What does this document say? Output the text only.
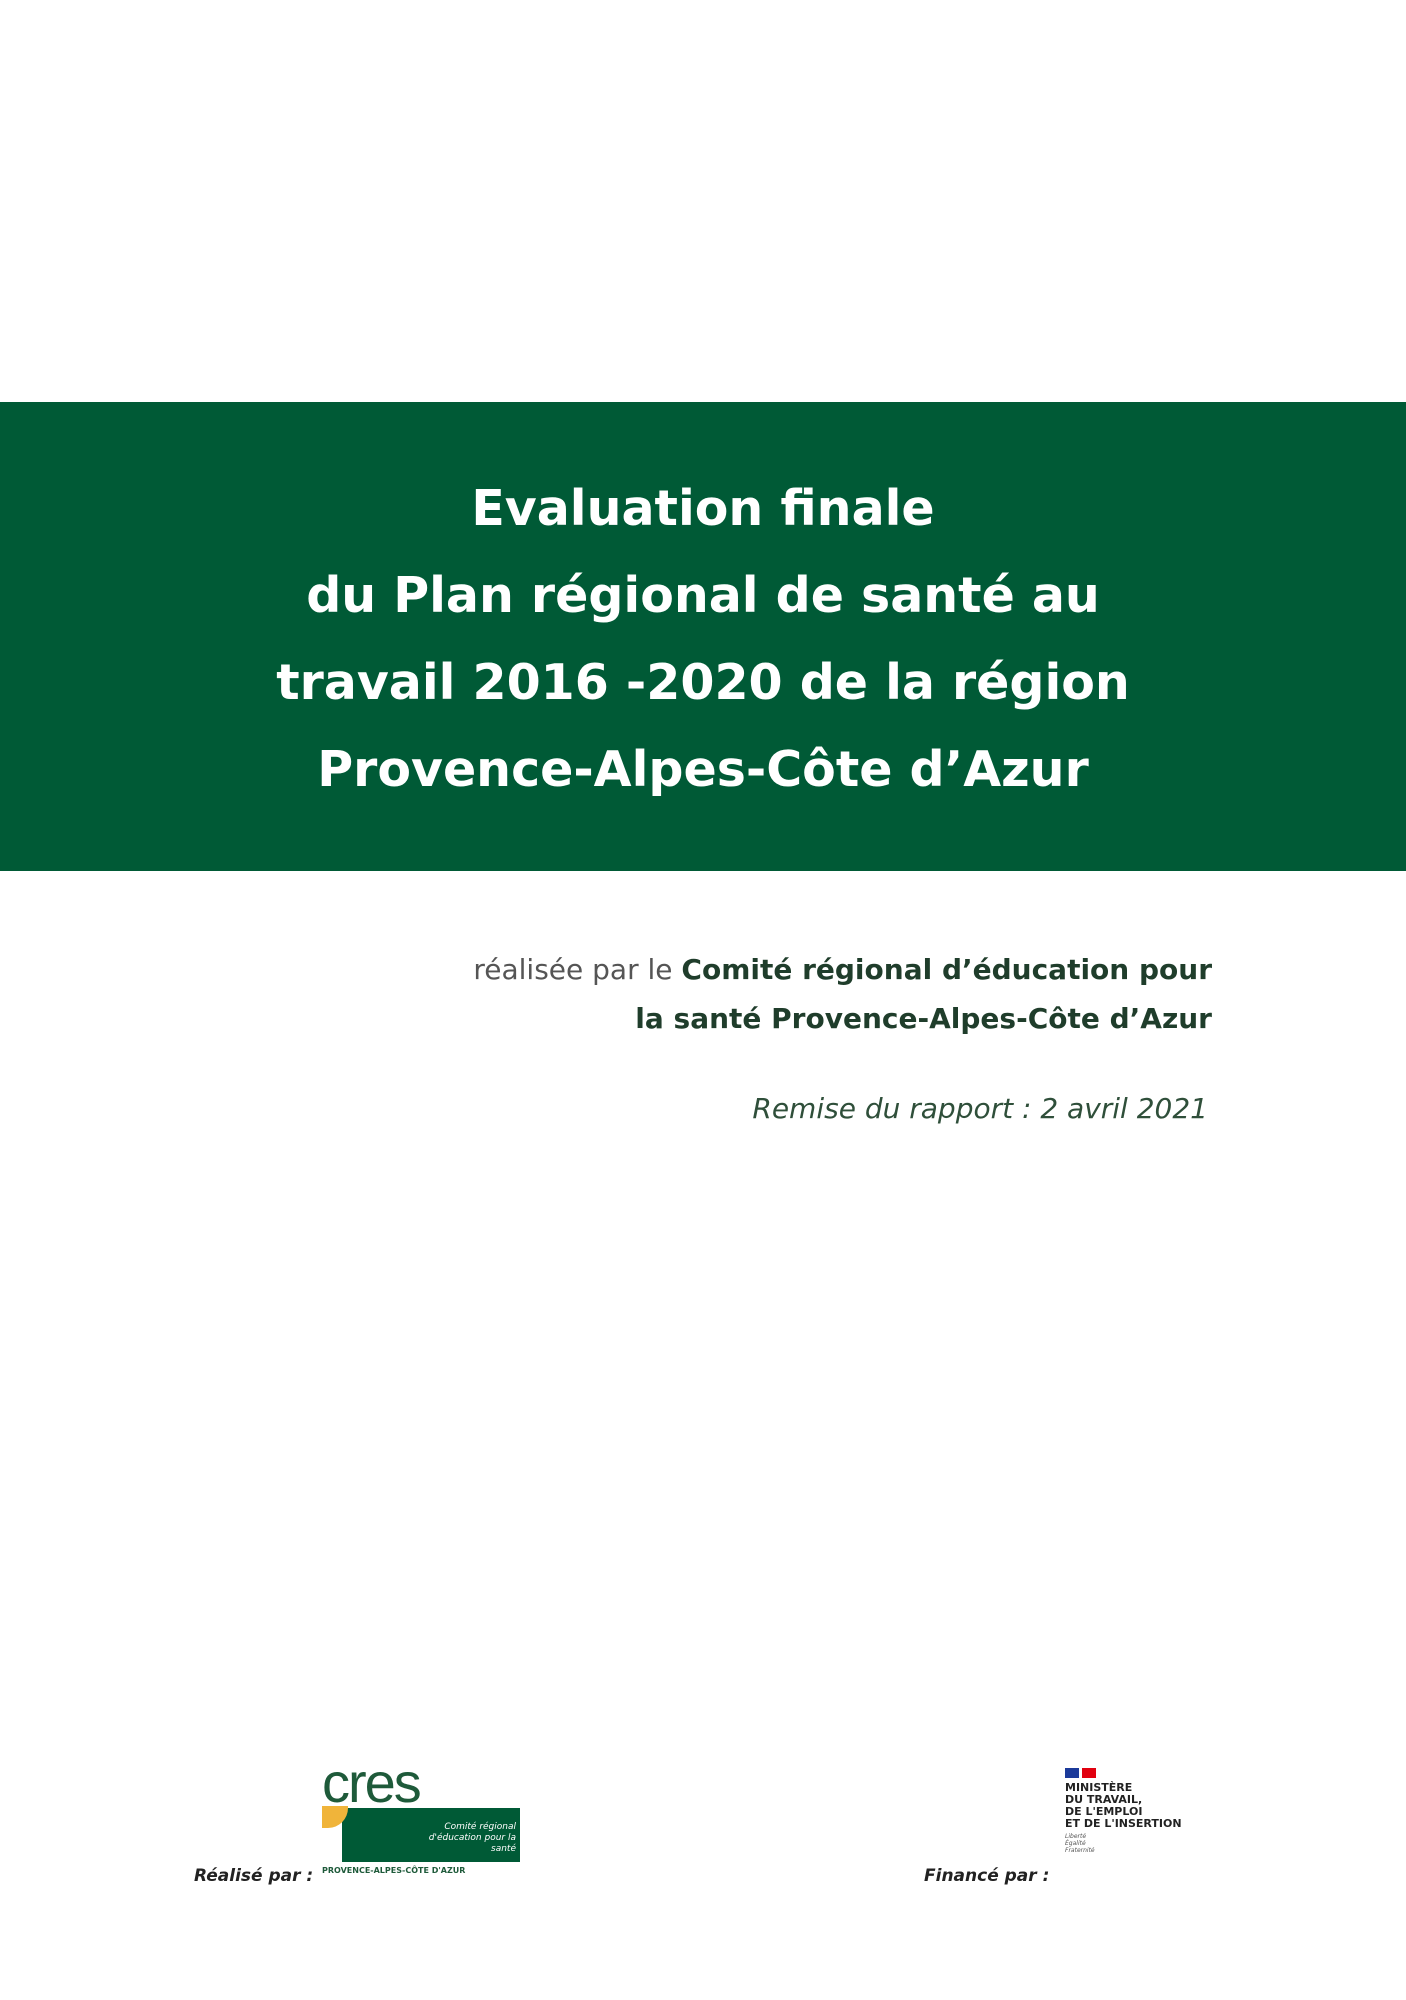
Evaluation finale
du Plan régional de santé au
travail 2016 -2020 de la région
Provence-Alpes-Côte d’Azur
réalisée par le Comité régional d’éducation pour
la santé Provence-Alpes-Côte d’Azur
Remise du rapport : 2 avril 2021
Réalisé par :
cres
Comité régional d'éducation pour la santé
PROVENCE-ALPES-CÔTE D'AZUR	Financé par :
MINISTÈRE
DU TRAVAIL,
DE L'EMPLOI
ET DE L'INSERTION
Liberté
Égalité
Fraternité
